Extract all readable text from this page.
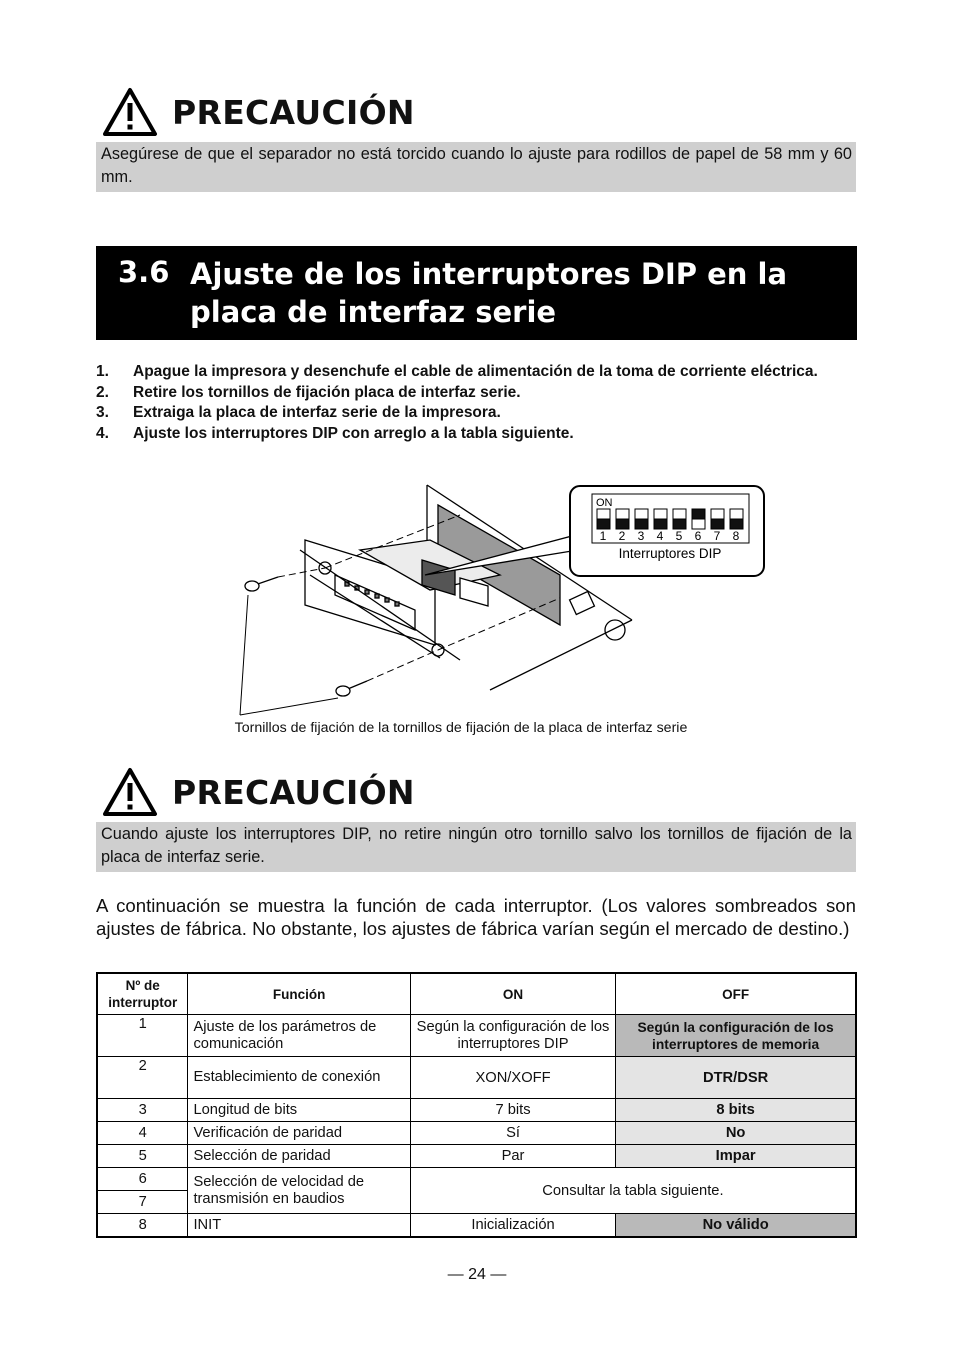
PRECAUCIÓN
Asegúrese de que el separador no está torcido cuando lo ajuste para rodillos de papel de 58 mm y 60 mm.
3.6 Ajuste de los interruptores DIP en la
placa de interfaz serie
1. Apague la impresora y desenchufe el cable de alimentación de la toma de corriente eléctrica.
2. Retire los tornillos de fijación placa de interfaz serie.
3. Extraiga la placa de interfaz serie de la impresora.
4. Ajuste los interruptores DIP con arreglo a la tabla siguiente.
ON
1 2 3 4 5 6 7 8
Interruptores DIP
Tornillos de fijación de la tornillos de fijación de la placa de interfaz serie
PRECAUCIÓN
Cuando ajuste los interruptores DIP, no retire ningún otro tornillo salvo los tornillos de fijación de la placa de interfaz serie.
A continuación se muestra la función de cada interruptor. (Los valores sombreados son ajustes de fábrica. No obstante, los ajustes de fábrica varían según el mercado de destino.)
Nº de interruptor	Función	ON	OFF
1	Ajuste de los parámetros de comunicación	Según la configuración de los interruptores DIP	Según la configuración de los interruptores de memoria
2	Establecimiento de conexión	XON/XOFF	DTR/DSR
3	Longitud de bits	7 bits	8 bits
4	Verificación de paridad	Sí	No
5	Selección de paridad	Par	Impar
6	Selección de velocidad de transmisión en baudios	Consultar la tabla siguiente.	
7			
8	INIT	Inicialización	No válido
— 24 —
